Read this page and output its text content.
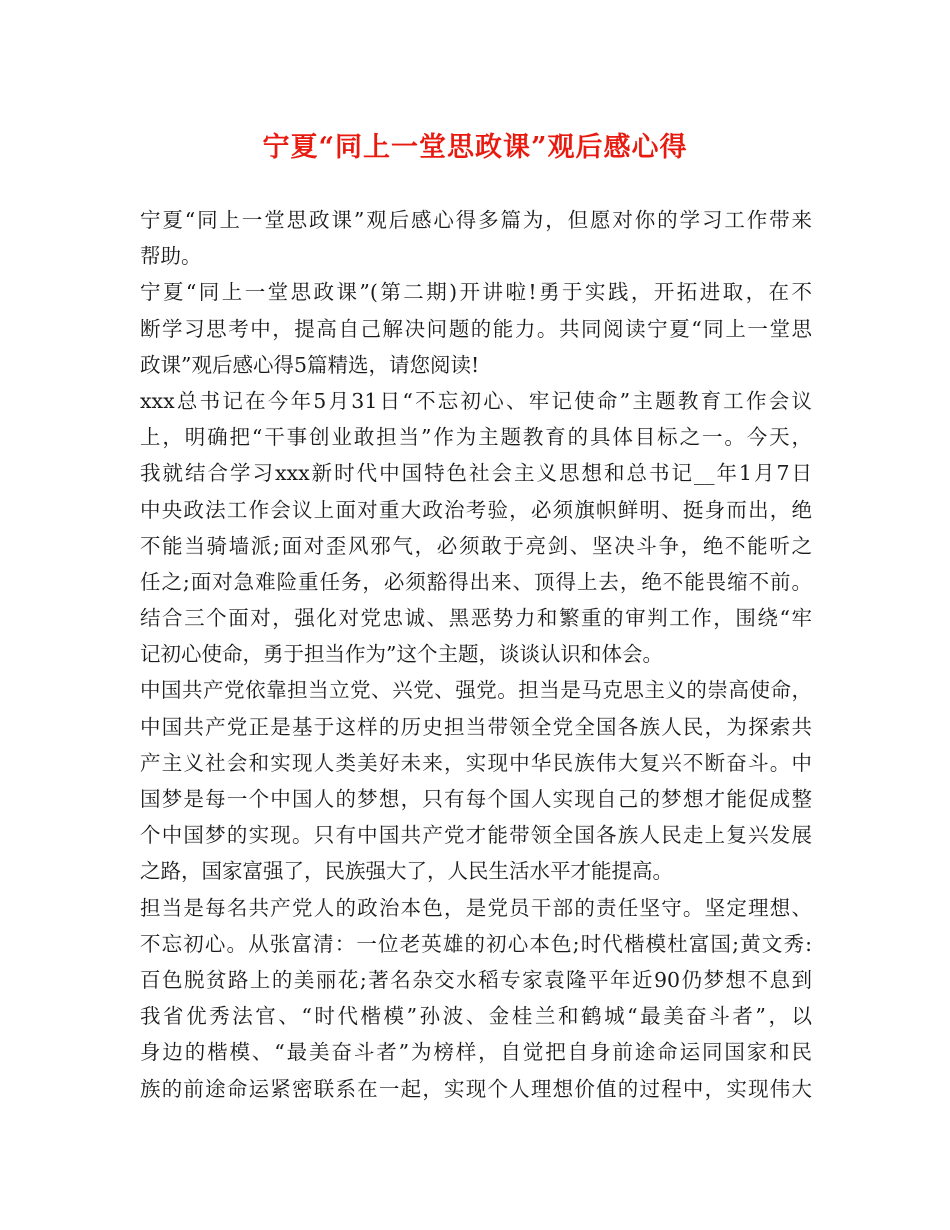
宁夏“同上一堂思政课”观后感心得
宁夏“同上一堂思政课”观后感心得多篇为，但愿对你的学习工作带来
帮助。
宁夏“同上一堂思政课”(第二期)开讲啦!勇于实践，开拓进取，在不
断学习思考中，提高自己解决问题的能力。共同阅读宁夏“同上一堂思
政课”观后感心得5篇精选，请您阅读!
xxx总书记在今年5月31日“不忘初心、牢记使命”主题教育工作会议
上，明确把“干事创业敢担当”作为主题教育的具体目标之一。今天，
我就结合学习xxx新时代中国特色社会主义思想和总书记__年1月7日
中央政法工作会议上面对重大政治考验，必须旗帜鲜明、挺身而出，绝
不能当骑墙派;面对歪风邪气，必须敢于亮剑、坚决斗争，绝不能听之
任之;面对急难险重任务，必须豁得出来、顶得上去，绝不能畏缩不前。
结合三个面对，强化对党忠诚、黑恶势力和繁重的审判工作，围绕“牢
记初心使命，勇于担当作为”这个主题，谈谈认识和体会。
中国共产党依靠担当立党、兴党、强党。担当是马克思主义的崇高使命，
中国共产党正是基于这样的历史担当带领全党全国各族人民，为探索共
产主义社会和实现人类美好未来，实现中华民族伟大复兴不断奋斗。中
国梦是每一个中国人的梦想，只有每个国人实现自己的梦想才能促成整
个中国梦的实现。只有中国共产党才能带领全国各族人民走上复兴发展
之路，国家富强了，民族强大了，人民生活水平才能提高。
担当是每名共产党人的政治本色，是党员干部的责任坚守。坚定理想、
不忘初心。从张富清：一位老英雄的初心本色;时代楷模杜富国;黄文秀:
百色脱贫路上的美丽花;著名杂交水稻专家袁隆平年近90仍梦想不息到
我省优秀法官、“时代楷模”孙波、金桂兰和鹤城“最美奋斗者”，以
身边的楷模、“最美奋斗者”为榜样，自觉把自身前途命运同国家和民
族的前途命运紧密联系在一起，实现个人理想价值的过程中，实现伟大
